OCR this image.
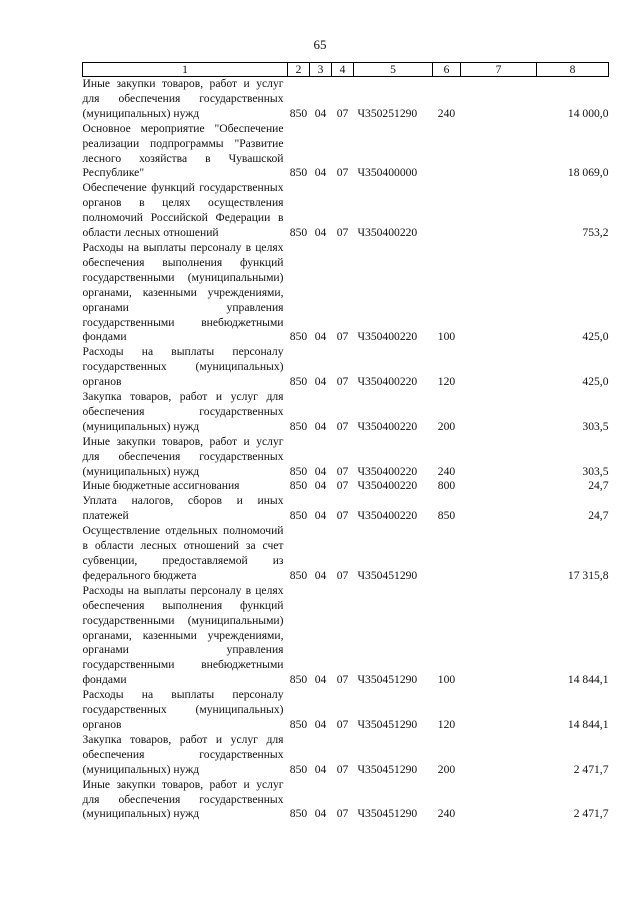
65
1	2	3	4	5	6	7	8
Иные закупки товаров, работ и услуг для обеспечения государственных (муниципальных) нужд	850	04	07	Ч350251290	240		14 000,0
Основное мероприятие "Обеспечение реализации подпрограммы "Развитие лесного хозяйства в Чувашской Республике"	850	04	07	Ч350400000			18 069,0
Обеспечение функций государственных органов в целях осуществления полномочий Российской Федерации в области лесных отношений	850	04	07	Ч350400220			753,2
Расходы на выплаты персоналу в целях обеспечения выполнения функций государственными (муниципальными) органами, казенными учреждениями, органами управления государственными внебюджетными фондами	850	04	07	Ч350400220	100		425,0
Расходы на выплаты персоналу государственных (муниципальных) органов	850	04	07	Ч350400220	120		425,0
Закупка товаров, работ и услуг для обеспечения государственных (муниципальных) нужд	850	04	07	Ч350400220	200		303,5
Иные закупки товаров, работ и услуг для обеспечения государственных (муниципальных) нужд	850	04	07	Ч350400220	240		303,5
Иные бюджетные ассигнования	850	04	07	Ч350400220	800		24,7
Уплата налогов, сборов и иных платежей	850	04	07	Ч350400220	850		24,7
Осуществление отдельных полномочий в области лесных отношений за счет субвенции, предоставляемой из федерального бюджета	850	04	07	Ч350451290			17 315,8
Расходы на выплаты персоналу в целях обеспечения выполнения функций государственными (муниципальными) органами, казенными учреждениями, органами управления государственными внебюджетными фондами	850	04	07	Ч350451290	100		14 844,1
Расходы на выплаты персоналу государственных (муниципальных) органов	850	04	07	Ч350451290	120		14 844,1
Закупка товаров, работ и услуг для обеспечения государственных (муниципальных) нужд	850	04	07	Ч350451290	200		2 471,7
Иные закупки товаров, работ и услуг для обеспечения государственных (муниципальных) нужд	850	04	07	Ч350451290	240		2 471,7
